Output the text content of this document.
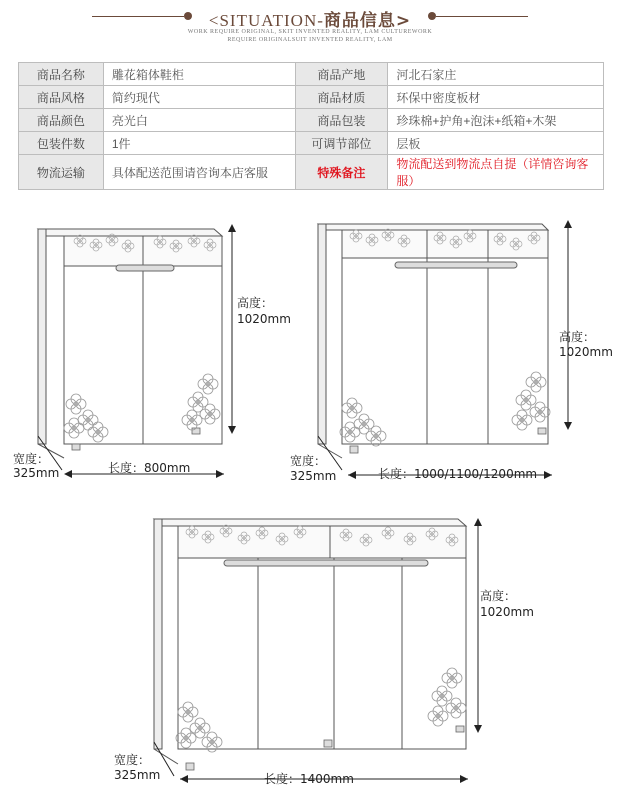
<SITUATION-商品信息>
WORK REQUIRE ORIGINAL, SKIT INVENTED REALITY, LAM CULTUREWORK
REQUIRE ORIGINALSUIT INVENTED REALITY, LAM
商品名称	雕花箱体鞋柜	商品产地	河北石家庄
商品风格	简约现代	商品材质	环保中密度板材
商品颜色	亮光白	商品包装	珍珠棉+护角+泡沫+纸箱+木架
包装件数	1件	可调节部位	层板
物流运输	具体配送范围请咨询本店客服	特殊备注	物流配送到物流点自提（详情咨询客服）
高度：
1020mm
宽度：
325mm	长度：800mm
高度：
1020mm
宽度：
325mm	长度：1000/1100/1200mm
高度：
1020mm
宽度：
325mm	长度：1400mm
